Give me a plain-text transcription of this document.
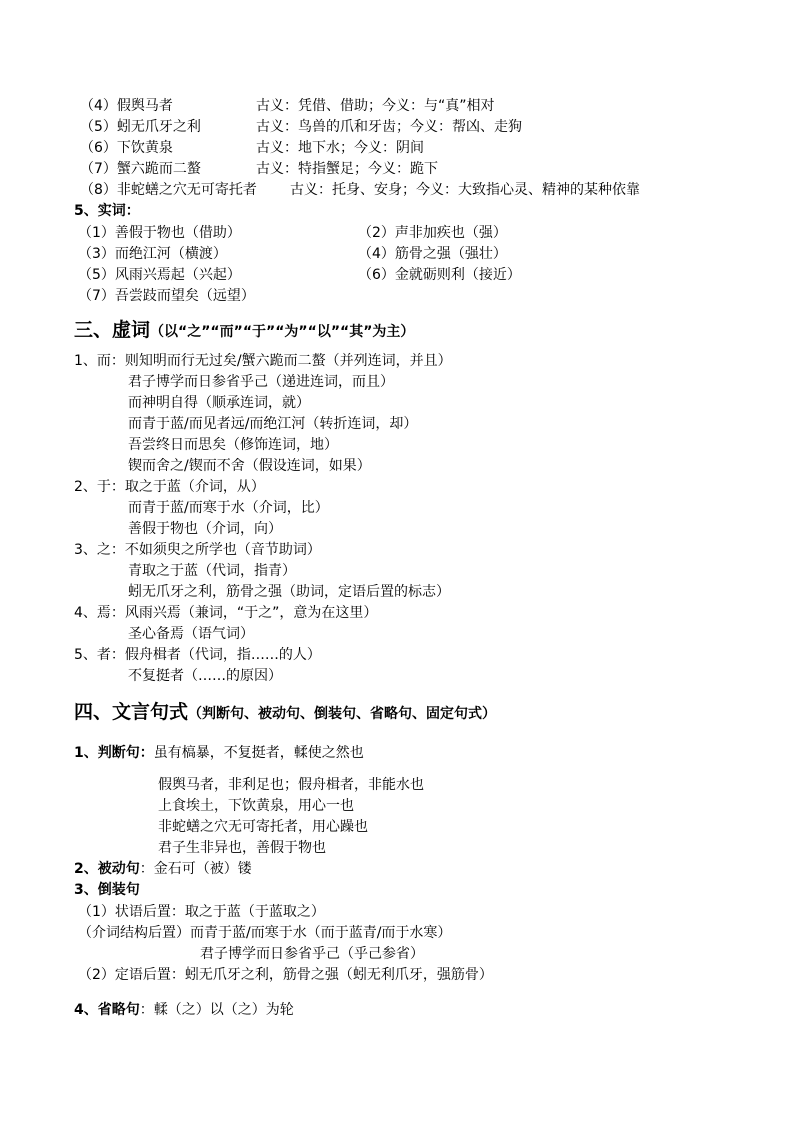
（4）假舆马者	古义：凭借、借助；今义：与“真”相对
（5）蚓无爪牙之利	古义：鸟兽的爪和牙齿；今义：帮凶、走狗
（6）下饮黄泉	古义：地下水；今义：阴间
（7）蟹六跪而二螯	古义：特指蟹足；今义：跪下
（8）非蛇蟮之穴无可寄托者 古义：托身、安身；今义：大致指心灵、精神的某种依靠
5、实词：
（1）善假于物也（借助）	（2）声非加疾也（强）
（3）而绝江河（横渡）	（4）筋骨之强（强壮）
（5）风雨兴焉起（兴起）	（6）金就砺则利（接近）
（7）吾尝跂而望矣（远望）
三、虚词（以“之”“而”“于”“为”“以”“其”为主）
1、而：则知明而行无过矣/蟹六跪而二螯（并列连词，并且）
君子博学而日参省乎己（递进连词，而且）
而神明自得（顺承连词，就）
而青于蓝/而见者远/而绝江河（转折连词，却）
吾尝终日而思矣（修饰连词，地）
锲而舍之/锲而不舍（假设连词，如果）
2、于：取之于蓝（介词，从）
而青于蓝/而寒于水（介词，比）
善假于物也（介词，向）
3、之：不如须臾之所学也（音节助词）
青取之于蓝（代词，指青）
蚓无爪牙之利，筋骨之强（助词，定语后置的标志）
4、焉：风雨兴焉（兼词，“于之”，意为在这里）
圣心备焉（语气词）
5、者：假舟楫者（代词，指……的人）
不复挺者（……的原因）
四、文言句式（判断句、被动句、倒装句、省略句、固定句式）
1、判断句：虽有槁暴，不复挺者，輮使之然也
假舆马者，非利足也；假舟楫者，非能水也
上食埃土，下饮黄泉，用心一也
非蛇蟮之穴无可寄托者，用心躁也
君子生非异也，善假于物也
2、被动句：金石可（被）镂
3、倒装句
（1）状语后置：取之于蓝（于蓝取之）
（介词结构后置）而青于蓝/而寒于水（而于蓝青/而于水寒）
君子博学而日参省乎己（乎己参省）
（2）定语后置：蚓无爪牙之利，筋骨之强（蚓无利爪牙，强筋骨）
4、省略句：輮（之）以（之）为轮
